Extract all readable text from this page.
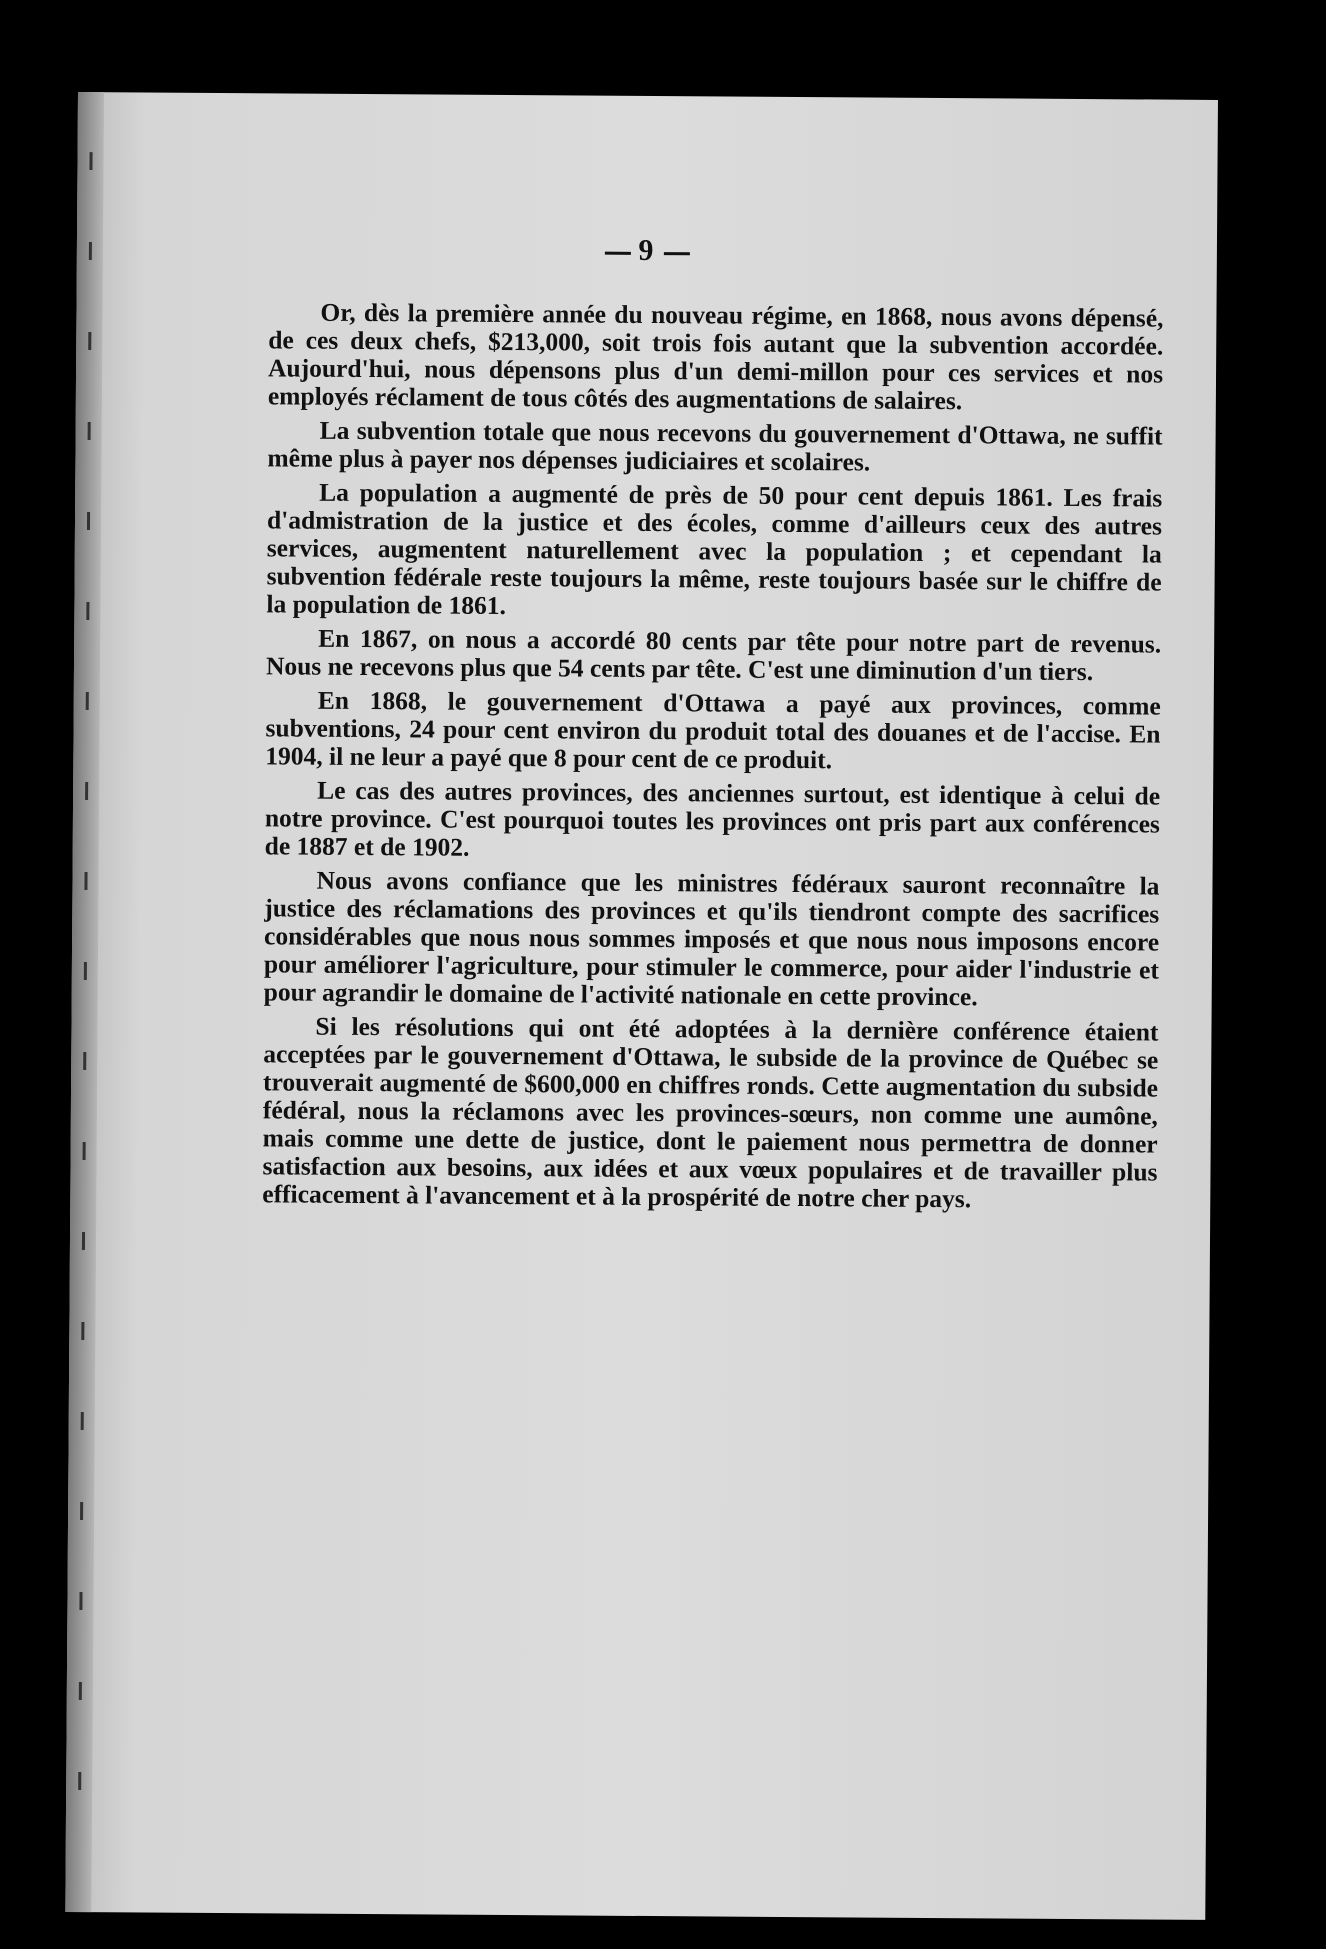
9

Or, dès la première année du nouveau régime, en 1868, nous avons dépensé, de ces deux chefs, $213,000, soit trois fois autant que la subvention accordée. Aujourd'hui, nous dépensons plus d'un demi-millon pour ces services et nos employés réclament de tous côtés des augmentations de salaires.

La subvention totale que nous recevons du gouvernement d'Ottawa, ne suffit même plus à payer nos dépenses judiciaires et scolaires.

La population a augmenté de près de 50 pour cent depuis 1861. Les frais d'admistration de la justice et des écoles, comme d'ailleurs ceux des autres services, augmentent naturellement avec la population ; et cependant la subvention fédérale reste toujours la même, reste toujours basée sur le chiffre de la population de 1861.

En 1867, on nous a accordé 80 cents par tête pour notre part de revenus. Nous ne recevons plus que 54 cents par tête. C'est une diminution d'un tiers.

En 1868, le gouvernement d'Ottawa a payé aux provinces, comme subventions, 24 pour cent environ du produit total des douanes et de l'accise. En 1904, il ne leur a payé que 8 pour cent de ce produit.

Le cas des autres provinces, des anciennes surtout, est identique à celui de notre province. C'est pourquoi toutes les provinces ont pris part aux conférences de 1887 et de 1902.

Nous avons confiance que les ministres fédéraux sauront reconnaître la justice des réclamations des provinces et qu'ils tiendront compte des sacrifices considérables que nous nous sommes imposés et que nous nous imposons encore pour améliorer l'agriculture, pour stimuler le commerce, pour aider l'industrie et pour agrandir le domaine de l'activité nationale en cette province.

Si les résolutions qui ont été adoptées à la dernière conférence étaient acceptées par le gouvernement d'Ottawa, le subside de la province de Québec se trouverait augmenté de $600,000 en chiffres ronds. Cette augmentation du subside fédéral, nous la réclamons avec les provinces-sœurs, non comme une aumône, mais comme une dette de justice, dont le paiement nous permettra de donner satisfaction aux besoins, aux idées et aux vœux populaires et de travailler plus efficacement à l'avancement et à la prospérité de notre cher pays.
